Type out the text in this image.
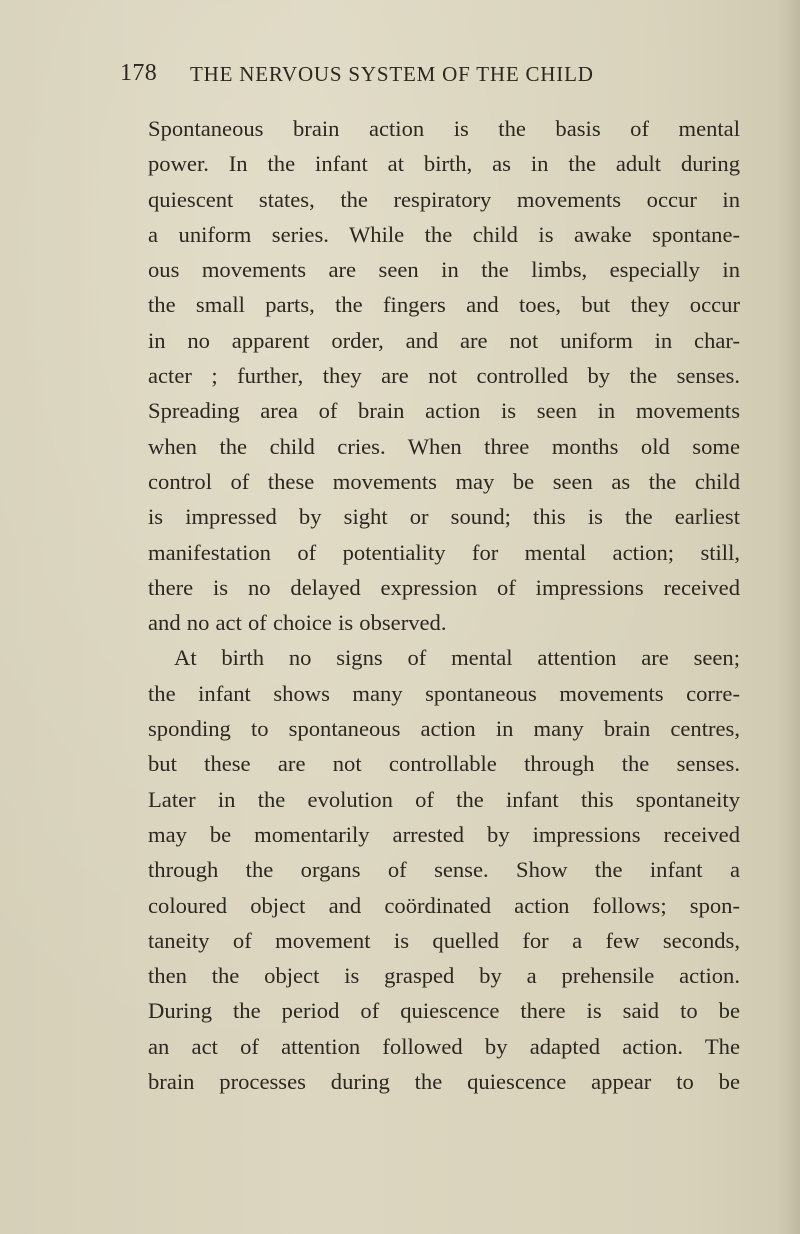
178 THE NERVOUS SYSTEM OF THE CHILD

Spontaneous brain action is the basis of mental
power. In the infant at birth, as in the adult during
quiescent states, the respiratory movements occur in
a uniform series. While the child is awake spontane-
ous movements are seen in the limbs, especially in
the small parts, the fingers and toes, but they occur
in no apparent order, and are not uniform in char-
acter ; further, they are not controlled by the senses.
Spreading area of brain action is seen in movements
when the child cries. When three months old some
control of these movements may be seen as the child
is impressed by sight or sound; this is the earliest
manifestation of potentiality for mental action; still,
there is no delayed expression of impressions received
and no act of choice is observed.

At birth no signs of mental attention are seen;
the infant shows many spontaneous movements corre-
sponding to spontaneous action in many brain centres,
but these are not controllable through the senses.
Later in the evolution of the infant this spontaneity
may be momentarily arrested by impressions received
through the organs of sense. Show the infant a
coloured object and coördinated action follows; spon-
taneity of movement is quelled for a few seconds,
then the object is grasped by a prehensile action.
During the period of quiescence there is said to be
an act of attention followed by adapted action. The
brain processes during the quiescence appear to be
